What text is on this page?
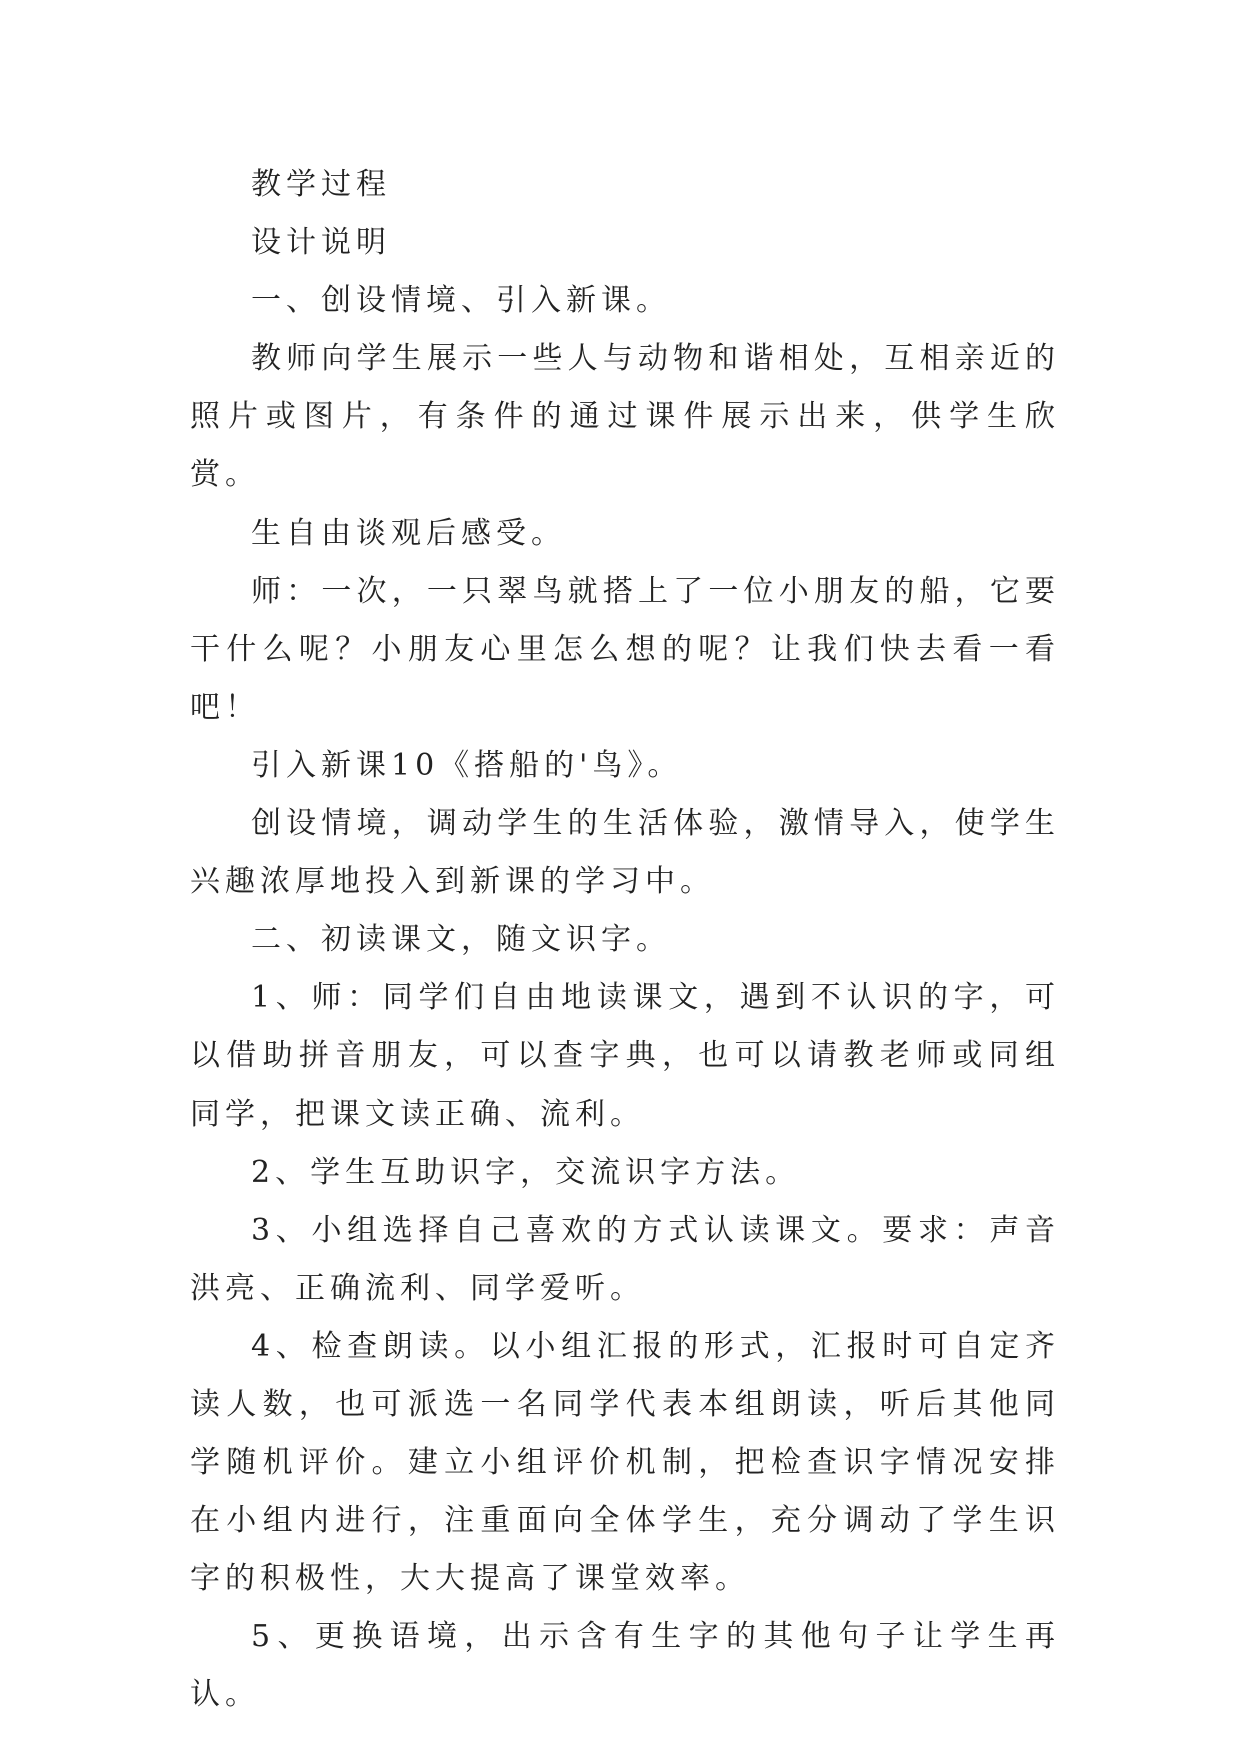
教学过程

设计说明

一、创设情境、引入新课。

教师向学生展示一些人与动物和谐相处，互相亲近的照片或图片，有条件的通过课件展示出来，供学生欣赏。

生自由谈观后感受。

师：一次，一只翠鸟就搭上了一位小朋友的船，它要干什么呢？小朋友心里怎么想的呢？让我们快去看一看吧！

引入新课10《搭船的'鸟》。

创设情境，调动学生的生活体验，激情导入，使学生兴趣浓厚地投入到新课的学习中。

二、初读课文，随文识字。

1、师：同学们自由地读课文，遇到不认识的字，可以借助拼音朋友，可以查字典，也可以请教老师或同组同学，把课文读正确、流利。

2、学生互助识字，交流识字方法。

3、小组选择自己喜欢的方式认读课文。要求：声音洪亮、正确流利、同学爱听。

4、检查朗读。以小组汇报的形式，汇报时可自定齐读人数，也可派选一名同学代表本组朗读，听后其他同学随机评价。建立小组评价机制，把检查识字情况安排在小组内进行，注重面向全体学生，充分调动了学生识字的积极性，大大提高了课堂效率。

5、更换语境，出示含有生字的其他句子让学生再认。
